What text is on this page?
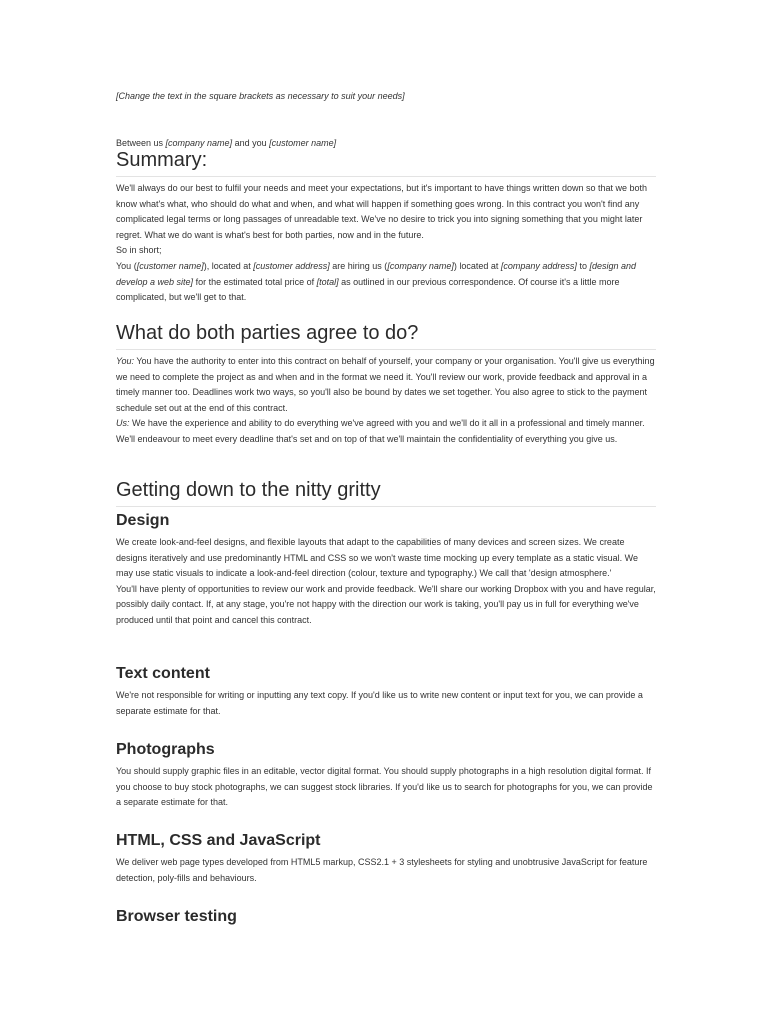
[Change the text in the square brackets as necessary to suit your needs]
Between us [company name] and you [customer name]
Summary:

We'll always do our best to fulfil your needs and meet your expectations, but it's important to have things written down so that we both know what's what, who should do what and when, and what will happen if something goes wrong. In this contract you won't find any complicated legal terms or long passages of unreadable text. We've no desire to trick you into signing something that you might later regret. What we do want is what's best for both parties, now and in the future.

So in short;

You ([customer name]), located at [customer address] are hiring us ([company name]) located at [company address] to [design and develop a web site] for the estimated total price of [total] as outlined in our previous correspondence. Of course it's a little more complicated, but we'll get to that.

What do both parties agree to do?

You: You have the authority to enter into this contract on behalf of yourself, your company or your organisation. You'll give us everything we need to complete the project as and when and in the format we need it. You'll review our work, provide feedback and approval in a timely manner too. Deadlines work two ways, so you'll also be bound by dates we set together. You also agree to stick to the payment schedule set out at the end of this contract.

Us: We have the experience and ability to do everything we've agreed with you and we'll do it all in a professional and timely manner. We'll endeavour to meet every deadline that's set and on top of that we'll maintain the confidentiality of everything you give us.

Getting down to the nitty gritty
Design

We create look-and-feel designs, and flexible layouts that adapt to the capabilities of many devices and screen sizes. We create designs iteratively and use predominantly HTML and CSS so we won't waste time mocking up every template as a static visual. We may use static visuals to indicate a look-and-feel direction (colour, texture and typography.) We call that 'design atmosphere.'

You'll have plenty of opportunities to review our work and provide feedback. We'll share our working Dropbox with you and have regular, possibly daily contact. If, at any stage, you're not happy with the direction our work is taking, you'll pay us in full for everything we've produced until that point and cancel this contract.

Text content

We're not responsible for writing or inputting any text copy. If you'd like us to write new content or input text for you, we can provide a separate estimate for that.

Photographs

You should supply graphic files in an editable, vector digital format. You should supply photographs in a high resolution digital format. If you choose to buy stock photographs, we can suggest stock libraries. If you'd like us to search for photographs for you, we can provide a separate estimate for that.

HTML, CSS and JavaScript

We deliver web page types developed from HTML5 markup, CSS2.1 + 3 stylesheets for styling and unobtrusive JavaScript for feature detection, poly-fills and behaviours.

Browser testing
